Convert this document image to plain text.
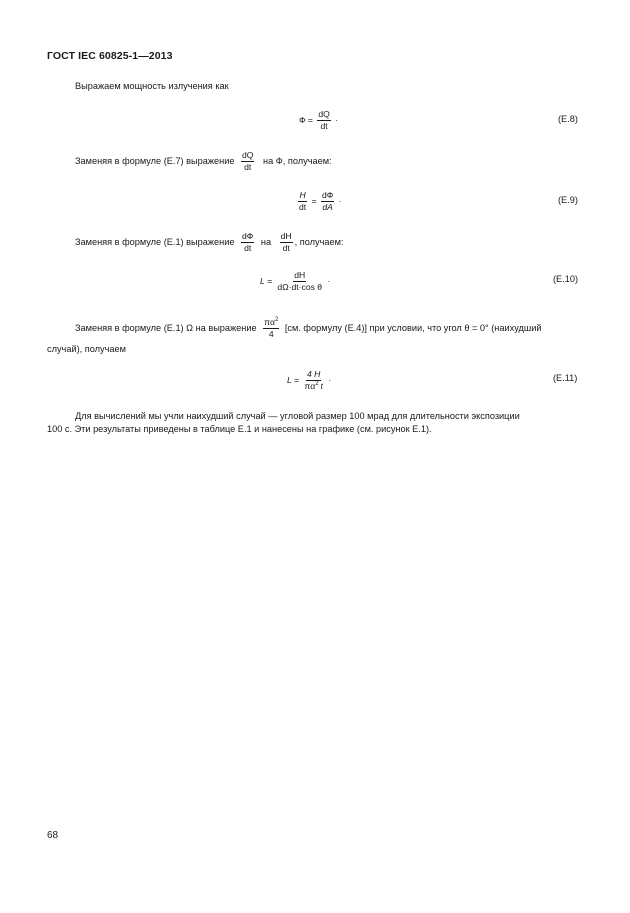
ГОСТ IEC 60825-1—2013
Выражаем мощность излучения как
$Ф = \frac{dQ}{dt}$ ·	(Е.8)
Заменяя в формуле (Е.7) выражение $\frac{dQ}{dt}$ на Ф, получаем:
$\frac{H}{dt} = \frac{dФ}{dA}$ ·	(Е.9)
Заменяя в формуле (Е.1) выражение $\frac{dФ}{dt}$ на $\frac{dH}{dt}$ , получаем:
$L = \frac{dH}{\text{dΩ·dt·cos θ}}$ ·	(Е.10)
Заменяя в формуле (Е.1) Ω на выражение $\frac{\pi\alpha^2}{4} [см$. формулу (Е.4)] при условии, что угол θ = 0° (наихудший
случай), получаем
$L = \frac{4 H}{\pi\alpha^2 t}$ ·	(Е.11)
Для вычислений мы учли наихудший случай — угловой размер 100 мрад для длительности экспозиции
100 с. Эти результаты приведены в таблице Е.1 и нанесены на графике (см. рисунок Е.1).
68
